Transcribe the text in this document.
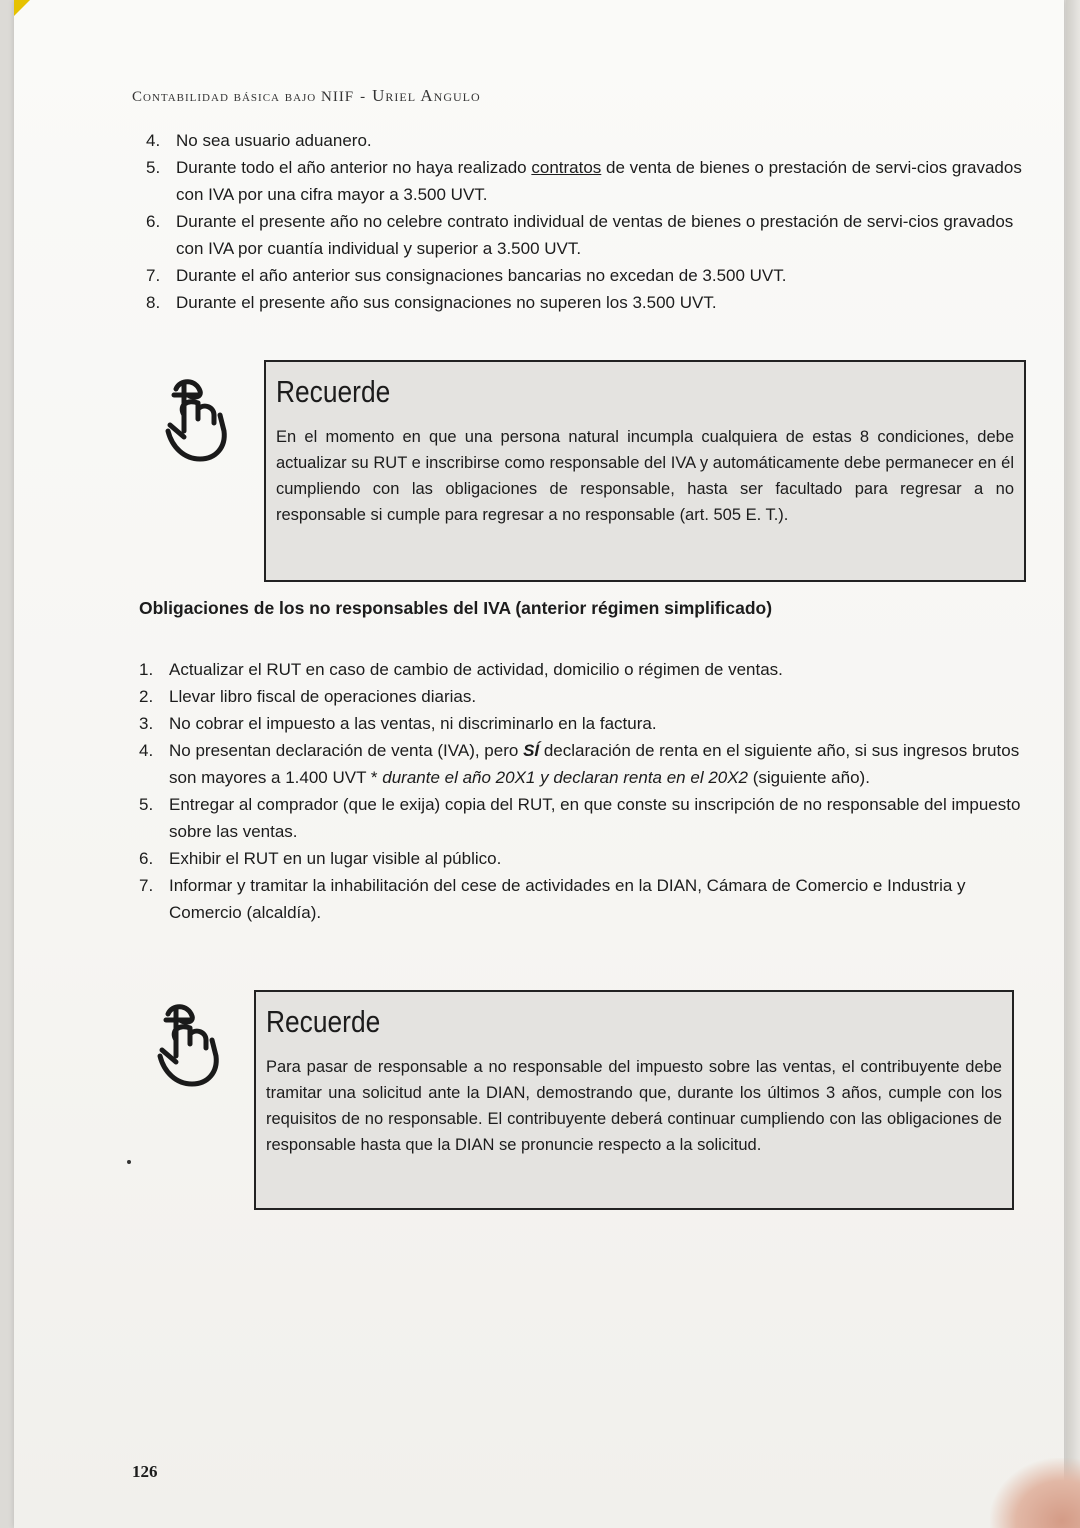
Contabilidad básica bajo NIIF - Uriel Angulo
4. No sea usuario aduanero.
5. Durante todo el año anterior no haya realizado contratos de venta de bienes o prestación de servi-cios gravados con IVA por una cifra mayor a 3.500 UVT.
6. Durante el presente año no celebre contrato individual de ventas de bienes o prestación de servi-cios gravados con IVA por cuantía individual y superior a 3.500 UVT.
7. Durante el año anterior sus consignaciones bancarias no excedan de 3.500 UVT.
8. Durante el presente año sus consignaciones no superen los 3.500 UVT.
Recuerde
En el momento en que una persona natural incumpla cualquiera de estas 8 condiciones, debe actualizar su RUT e inscribirse como responsable del IVA y automáticamente debe permanecer en él cumpliendo con las obligaciones de responsable, hasta ser facultado para regresar a no responsable si cumple para regresar a no responsable (art. 505 E. T.).
Obligaciones de los no responsables del IVA (anterior régimen simplificado)
1. Actualizar el RUT en caso de cambio de actividad, domicilio o régimen de ventas.
2. Llevar libro fiscal de operaciones diarias.
3. No cobrar el impuesto a las ventas, ni discriminarlo en la factura.
4. No presentan declaración de venta (IVA), pero SÍ declaración de renta en el siguiente año, si sus ingresos brutos son mayores a 1.400 UVT * durante el año 20X1 y declaran renta en el 20X2 (siguiente año).
5. Entregar al comprador (que le exija) copia del RUT, en que conste su inscripción de no responsable del impuesto sobre las ventas.
6. Exhibir el RUT en un lugar visible al público.
7. Informar y tramitar la inhabilitación del cese de actividades en la DIAN, Cámara de Comercio e Industria y Comercio (alcaldía).
Recuerde
Para pasar de responsable a no responsable del impuesto sobre las ventas, el contribuyente debe tramitar una solicitud ante la DIAN, demostrando que, durante los últimos 3 años, cumple con los requisitos de no responsable. El contribuyente deberá continuar cumpliendo con las obligaciones de responsable hasta que la DIAN se pronuncie respecto a la solicitud.
126
